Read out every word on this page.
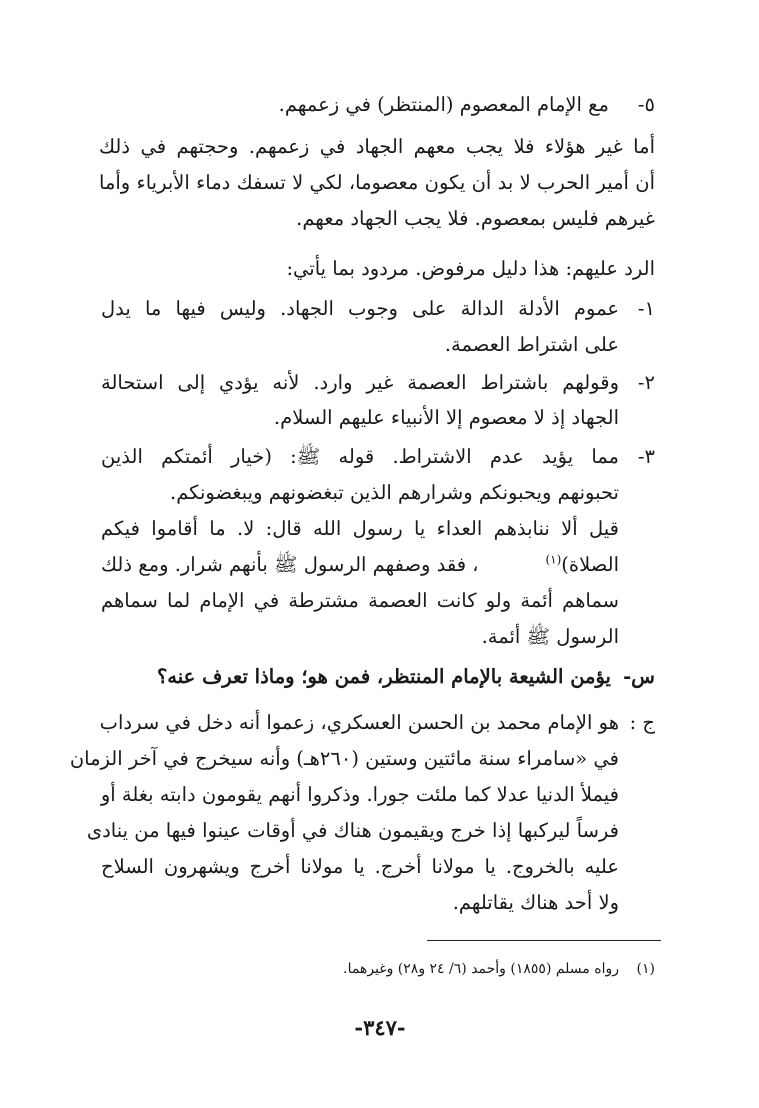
٥-
مع الإمام المعصوم (المنتظر) في زعمهم.
أما غير هؤلاء فلا يجب معهم الجهاد في زعمهم. وحجتهم في ذلك
أن أمير الحرب لا بد أن يكون معصوما، لكي لا تسفك دماء الأبرياء وأما
غيرهم فليس بمعصوم. فلا يجب الجهاد معهم.
الرد عليهم: هذا دليل مرفوض. مردود بما يأتي:
١-
عموم الأدلة الدالة على وجوب الجهاد. وليس فيها ما يدل
على اشتراط العصمة.
٢-
وقولهم باشتراط العصمة غير وارد. لأنه يؤدي إلى استحالة
الجهاد إذ لا معصوم إلا الأنبياء عليهم السلام.
٣-
مما يؤيد عدم الاشتراط. قوله ﷺ: (خيار أئمتكم الذين
تحبونهم ويحبونكم وشرارهم الذين تبغضونهم ويبغضونكم.
قيل ألا ننابذهم العداء يا رسول الله قال: لا. ما أقاموا فيكم
الصلاة)$^{(١)}$
، فقد وصفهم الرسول ﷺ بأنهم شرار. ومع ذلك
سماهم أئمة ولو كانت العصمة مشترطة في الإمام لما سماهم
الرسول ﷺ أئمة.
س-
يؤمن الشيعة بالإمام المنتظر، فمن هو؛ وماذا تعرف عنه؟
ج :
هو الإمام محمد بن الحسن العسكري، زعموا أنه دخل في سرداب
في «سامراء سنة مائتين وستين (٢٦٠هـ) وأنه سيخرج في آخر الزمان
فيملأ الدنيا عدلا كما ملئت جورا. وذكروا أنهم يقومون دابته بغلة أو
فرساً ليركبها إذا خرج ويقيمون هناك في أوقات عينوا فيها من ينادى
عليه بالخروج. يا مولانا أخرج. يا مولانا أخرج ويشهرون السلاح
ولا أحد هناك يقاتلهم.
(١)
رواه مسلم (١٨٥٥) وأحمد (٦/ ٢٤ و٢٨) وغيرهما.
-٣٤٧-
